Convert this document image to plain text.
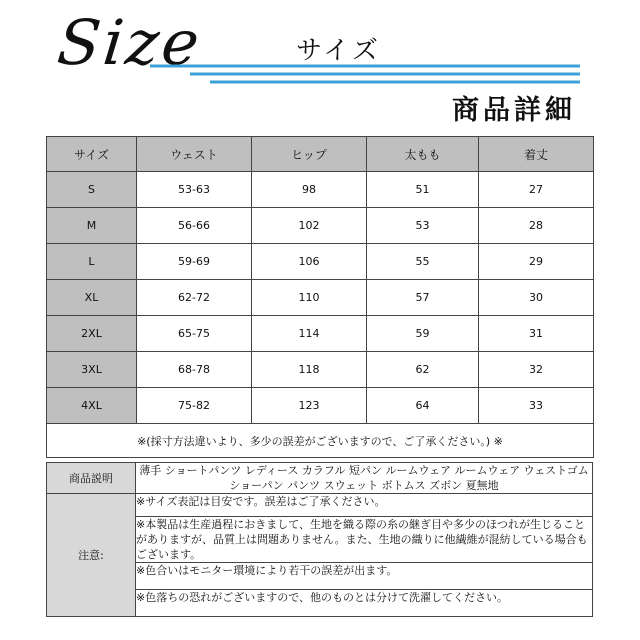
Size	サイズ
商品詳細
サイズ	ウェスト	ヒップ	太もも	着丈
S	53-63	98	51	27
M	56-66	102	53	28
L	59-69	106	55	29
XL	62-72	110	57	30
2XL	65-75	114	59	31
3XL	68-78	118	62	32
4XL	75-82	123	64	33
※(採寸方法違いより、多少の誤差がございますので、ご了承ください。) ※				
商品説明	薄手 ショートパンツ レディース カラフル 短パン ルームウェア ルームウェア ウェストゴム
ショーパン パンツ スウェット ボトムス ズボン 夏無地

注意:	※サイズ表記は目安です。誤差はご了承ください。
	※本製品は生産過程におきまして、生地を織る際の糸の継ぎ目や多少のほつれが生じることがありますが、品質上は問題ありません。また、生地の織りに他繊維が混紡している場合もございます。
	※色合いはモニター環境により若干の誤差が出ます。
	※色落ちの恐れがございますので、他のものとは分けて洗濯してください。
